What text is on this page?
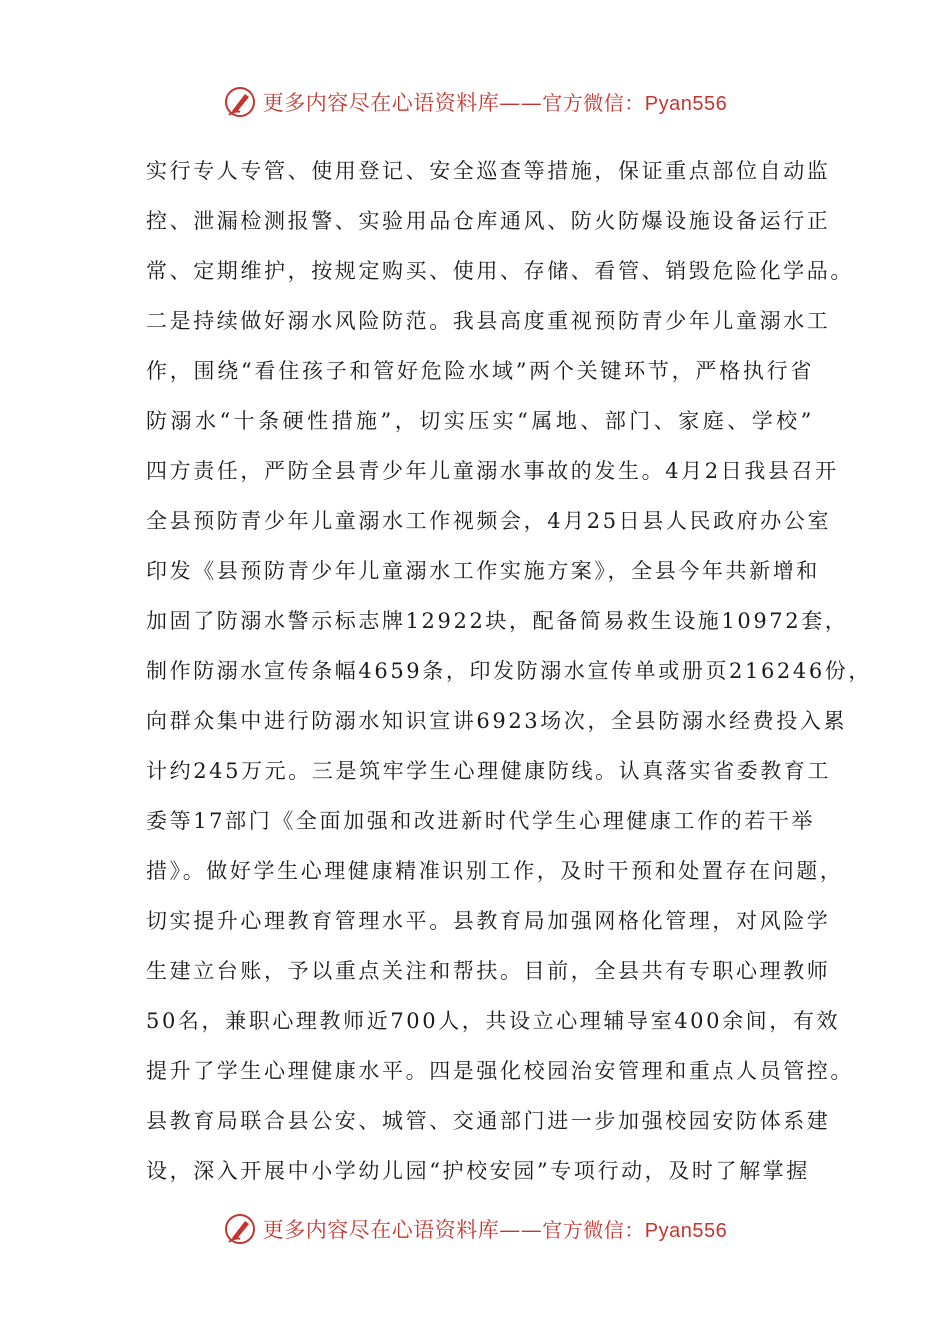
更多内容尽在心语资料库——官方微信：Pyan556
实行专人专管、使用登记、安全巡查等措施，保证重点部位自动监
控、泄漏检测报警、实验用品仓库通风、防火防爆设施设备运行正
常、定期维护，按规定购买、使用、存储、看管、销毁危险化学品。
二是持续做好溺水风险防范。我县高度重视预防青少年儿童溺水工
作，围绕“看住孩子和管好危险水域”两个关键环节，严格执行省
防溺水“十条硬性措施”，切实压实“属地、部门、家庭、学校”
四方责任，严防全县青少年儿童溺水事故的发生。4月2日我县召开
全县预防青少年儿童溺水工作视频会，4月25日县人民政府办公室
印发《县预防青少年儿童溺水工作实施方案》，全县今年共新增和
加固了防溺水警示标志牌12922块，配备简易救生设施10972套，
制作防溺水宣传条幅4659条，印发防溺水宣传单或册页216246份，
向群众集中进行防溺水知识宣讲6923场次，全县防溺水经费投入累
计约245万元。三是筑牢学生心理健康防线。认真落实省委教育工
委等17部门《全面加强和改进新时代学生心理健康工作的若干举
措》。做好学生心理健康精准识别工作，及时干预和处置存在问题，
切实提升心理教育管理水平。县教育局加强网格化管理，对风险学
生建立台账，予以重点关注和帮扶。目前，全县共有专职心理教师
50名，兼职心理教师近700人，共设立心理辅导室400余间，有效
提升了学生心理健康水平。四是强化校园治安管理和重点人员管控。
县教育局联合县公安、城管、交通部门进一步加强校园安防体系建
设，深入开展中小学幼儿园“护校安园”专项行动，及时了解掌握
更多内容尽在心语资料库——官方微信：Pyan556
